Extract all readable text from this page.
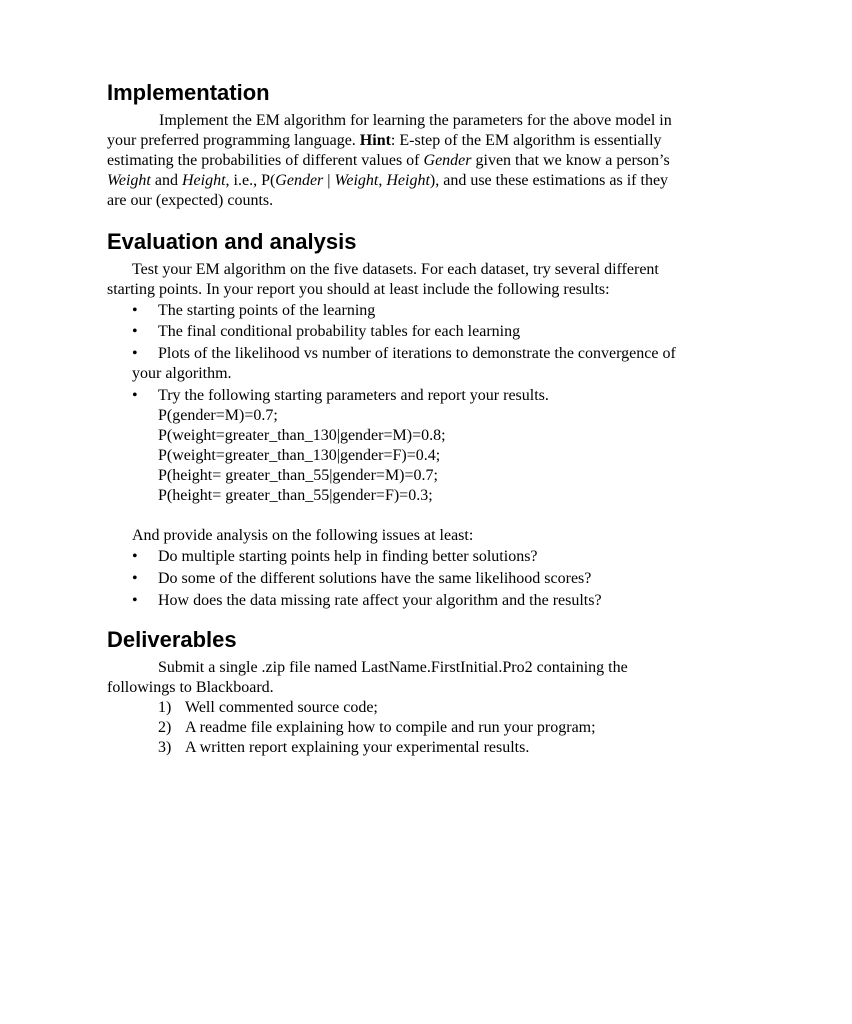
Implementation
Implement the EM algorithm for learning the parameters for the above model in
your preferred programming language. Hint: E-step of the EM algorithm is essentially
estimating the probabilities of different values of Gender given that we know a person’s
Weight and Height, i.e., P(Gender | Weight, Height), and use these estimations as if they
are our (expected) counts.
Evaluation and analysis
Test your EM algorithm on the five datasets. For each dataset, try several different
starting points. In your report you should at least include the following results:
• The starting points of the learning
• The final conditional probability tables for each learning
• Plots of the likelihood vs number of iterations to demonstrate the convergence of
your algorithm.
• Try the following starting parameters and report your results.
P(gender=M)=0.7;
P(weight=greater_than_130|gender=M)=0.8;
P(weight=greater_than_130|gender=F)=0.4;
P(height= greater_than_55|gender=M)=0.7;
P(height= greater_than_55|gender=F)=0.3;
And provide analysis on the following issues at least:
• Do multiple starting points help in finding better solutions?
• Do some of the different solutions have the same likelihood scores?
• How does the data missing rate affect your algorithm and the results?
Deliverables
Submit a single .zip file named LastName.FirstInitial.Pro2 containing the
followings to Blackboard.
1) Well commented source code;
2) A readme file explaining how to compile and run your program;
3) A written report explaining your experimental results.
